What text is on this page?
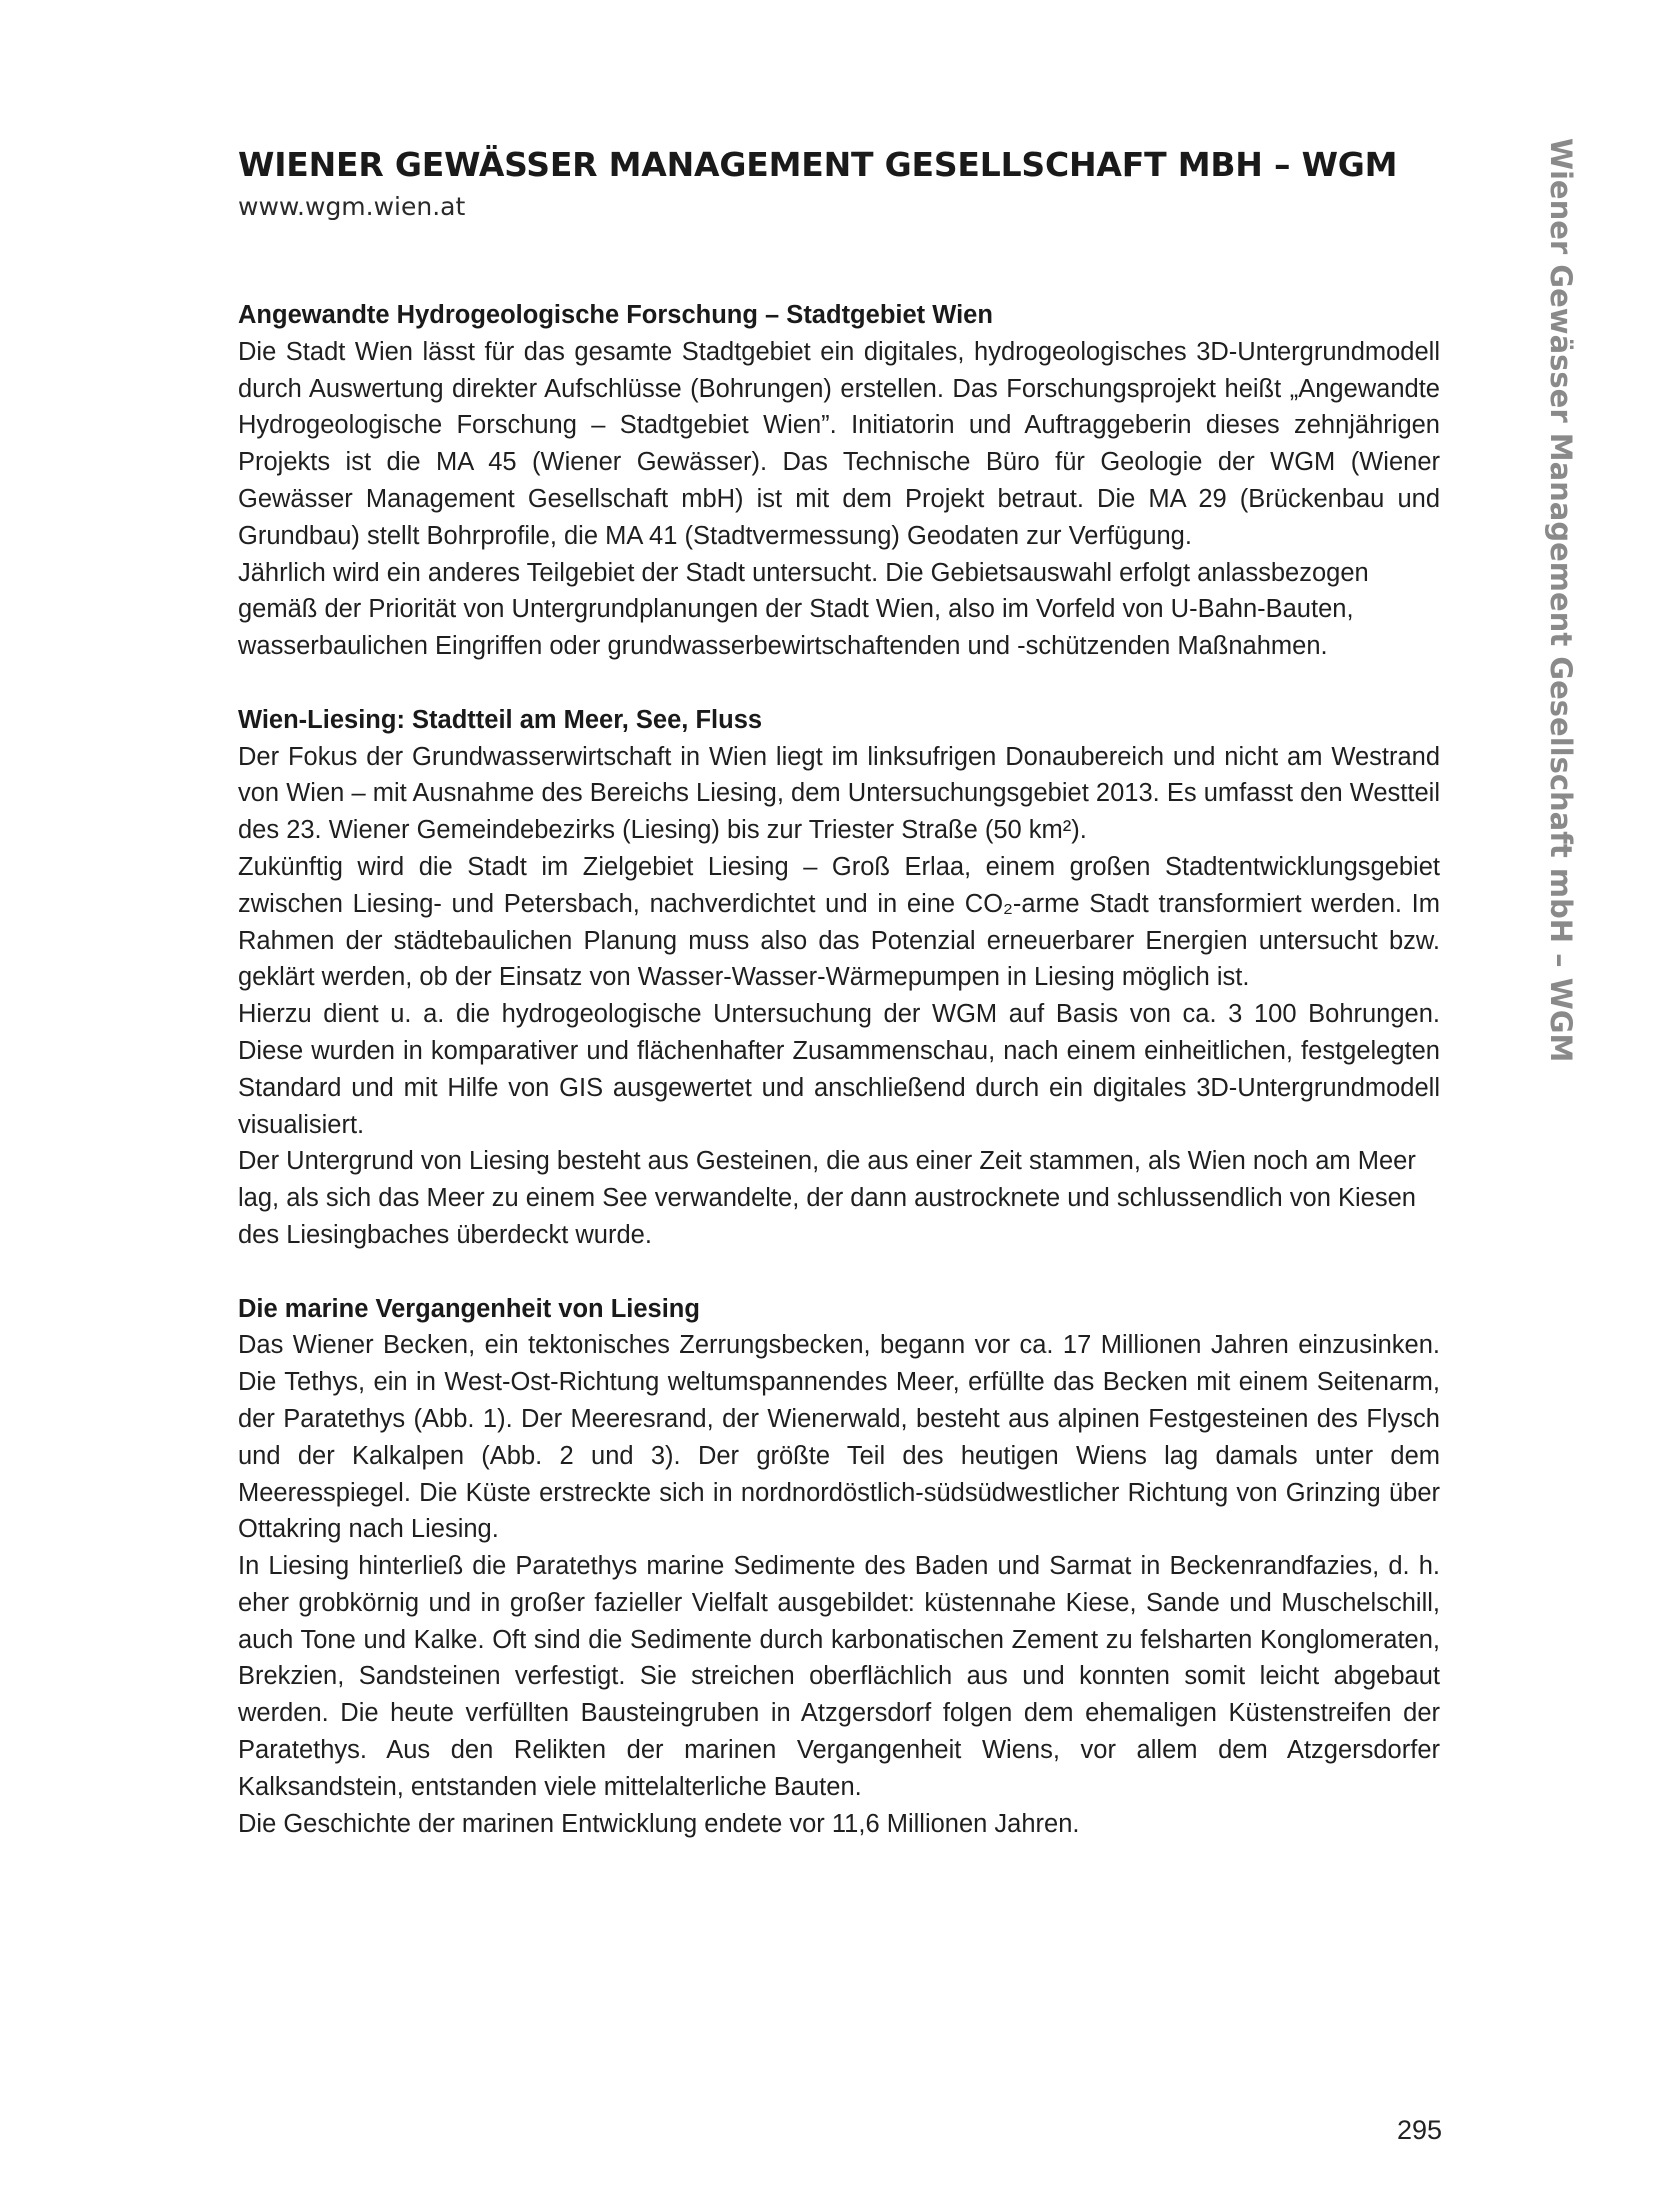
WIENER GEWÄSSER MANAGEMENT GESELLSCHAFT MBH – WGM

www.wgm.wien.at	Wiener Gewässer Management Gesellschaft mbH – WGM
Angewandte Hydrogeologische Forschung – Stadtgebiet Wien

Die Stadt Wien lässt für das gesamte Stadtgebiet ein digitales, hydrogeologisches 3D-Untergrundmodell durch Auswertung direkter Aufschlüsse (Bohrungen) erstellen. Das Forschungsprojekt heißt „Angewandte Hydrogeologische Forschung – Stadtgebiet Wien”. Initiatorin und Auftraggeberin dieses zehnjährigen Projekts ist die MA 45 (Wiener Gewässer). Das Technische Büro für Geologie der WGM (Wiener Gewässer Management Gesellschaft mbH) ist mit dem Projekt betraut. Die MA 29 (Brückenbau und Grundbau) stellt Bohrprofile, die MA 41 (Stadtvermessung) Geodaten zur Verfügung.

Jährlich wird ein anderes Teilgebiet der Stadt untersucht. Die Gebietsauswahl erfolgt anlassbezogen gemäß der Priorität von Untergrundplanungen der Stadt Wien, also im Vorfeld von U-Bahn-Bauten, wasserbaulichen Eingriffen oder grundwasserbewirtschaftenden und -schützenden Maßnahmen.

Wien-Liesing: Stadtteil am Meer, See, Fluss

Der Fokus der Grundwasserwirtschaft in Wien liegt im linksufrigen Donaubereich und nicht am Westrand von Wien – mit Ausnahme des Bereichs Liesing, dem Untersuchungsgebiet 2013. Es umfasst den Westteil des 23. Wiener Gemeindebezirks (Liesing) bis zur Triester Straße (50 km²).

Zukünftig wird die Stadt im Zielgebiet Liesing – Groß Erlaa, einem großen Stadtentwicklungsgebiet zwischen Liesing- und Petersbach, nachverdichtet und in eine CO₂-arme Stadt transformiert werden. Im Rahmen der städtebaulichen Planung muss also das Potenzial erneuerbarer Energien untersucht bzw. geklärt werden, ob der Einsatz von Wasser-Wasser-Wärmepumpen in Liesing möglich ist.

Hierzu dient u. a. die hydrogeologische Untersuchung der WGM auf Basis von ca. 3 100 Bohrungen. Diese wurden in komparativer und flächenhafter Zusammenschau, nach einem einheitlichen, festgelegten Standard und mit Hilfe von GIS ausgewertet und anschließend durch ein digitales 3D-Untergrundmodell visualisiert.

Der Untergrund von Liesing besteht aus Gesteinen, die aus einer Zeit stammen, als Wien noch am Meer lag, als sich das Meer zu einem See verwandelte, der dann austrocknete und schlussendlich von Kiesen des Liesingbaches überdeckt wurde.

Die marine Vergangenheit von Liesing

Das Wiener Becken, ein tektonisches Zerrungsbecken, begann vor ca. 17 Millionen Jahren einzusinken. Die Tethys, ein in West-Ost-Richtung weltumspannendes Meer, erfüllte das Becken mit einem Seitenarm, der Paratethys (Abb. 1). Der Meeresrand, der Wienerwald, besteht aus alpinen Festgesteinen des Flysch und der Kalkalpen (Abb. 2 und 3). Der größte Teil des heutigen Wiens lag damals unter dem Meeresspiegel. Die Küste erstreckte sich in nordnordöstlich-südsüdwestlicher Richtung von Grinzing über Ottakring nach Liesing.

In Liesing hinterließ die Paratethys marine Sedimente des Baden und Sarmat in Beckenrandfazies, d. h. eher grobkörnig und in großer fazieller Vielfalt ausgebildet: küstennahe Kiese, Sande und Muschelschill, auch Tone und Kalke. Oft sind die Sedimente durch karbonatischen Zement zu felsharten Konglomeraten, Brekzien, Sandsteinen verfestigt. Sie streichen oberflächlich aus und konnten somit leicht abgebaut werden. Die heute verfüllten Bausteingruben in Atzgersdorf folgen dem ehemaligen Küstenstreifen der Paratethys. Aus den Relikten der marinen Vergangenheit Wiens, vor allem dem Atzgersdorfer Kalksandstein, entstanden viele mittelalterliche Bauten.

Die Geschichte der marinen Entwicklung endete vor 11,6 Millionen Jahren.

295
